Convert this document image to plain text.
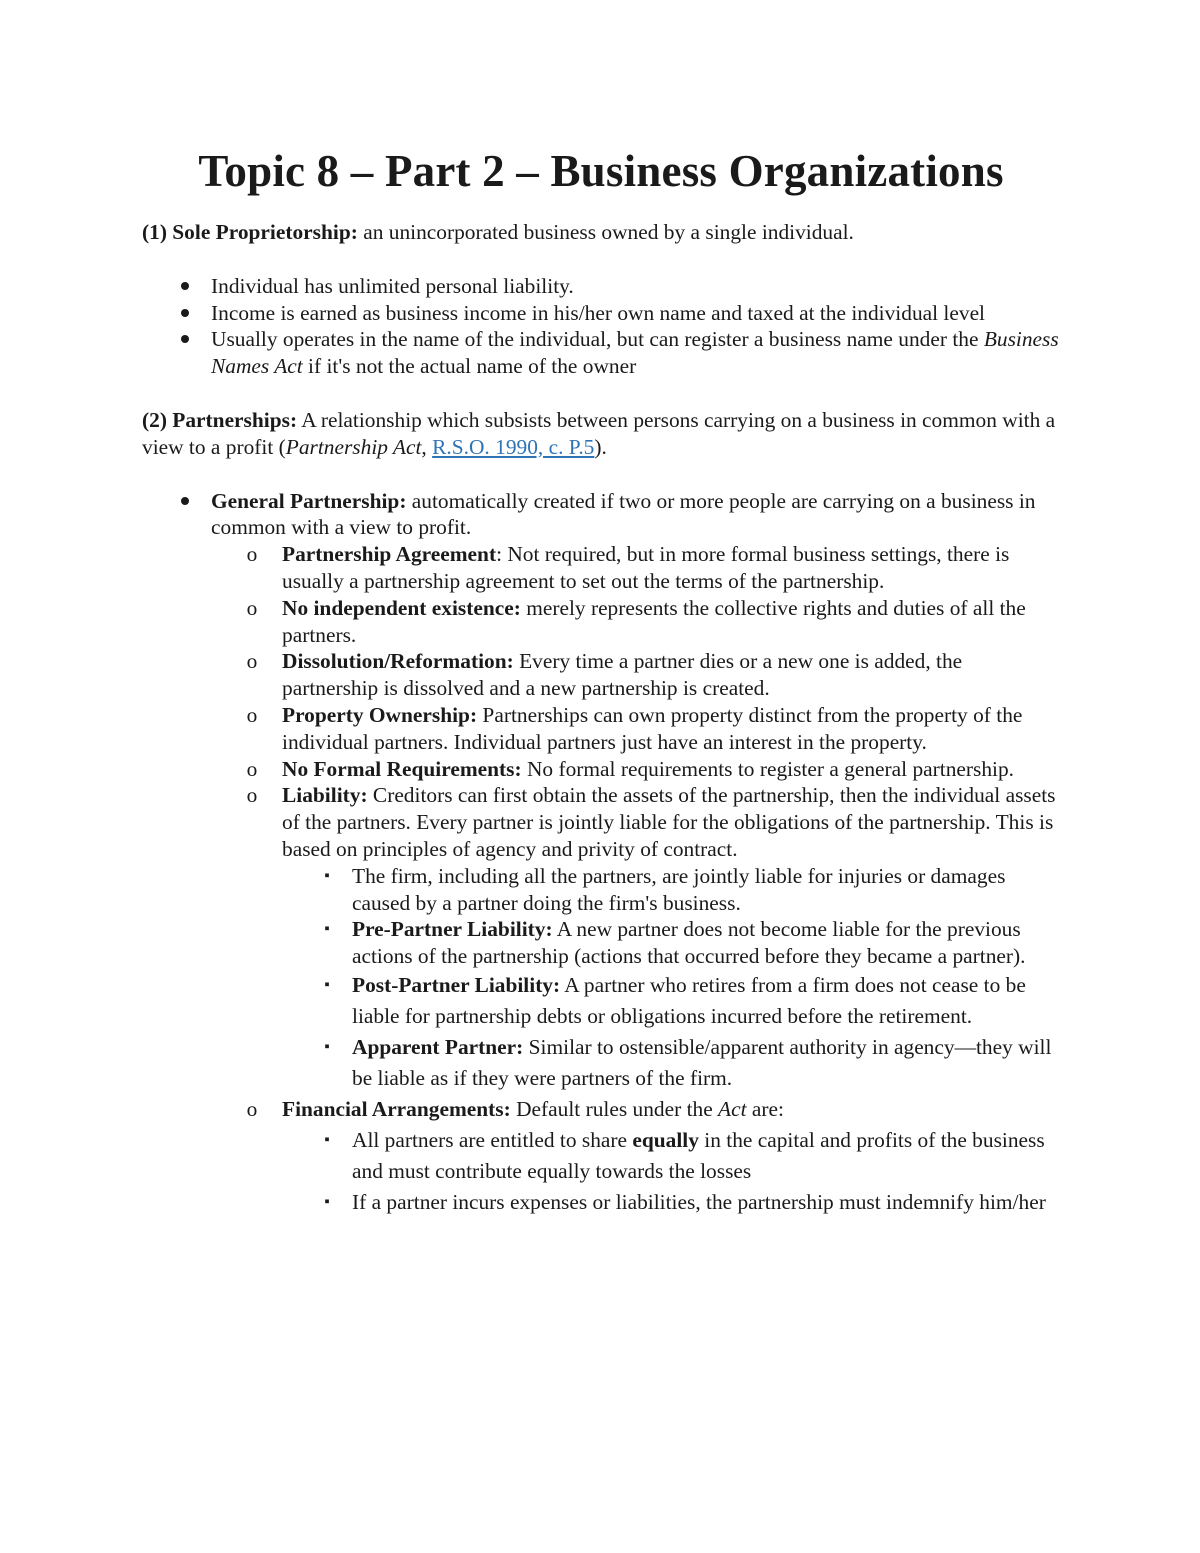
Topic 8 – Part 2 – Business Organizations

(1) Sole Proprietorship: an unincorporated business owned by a single individual.

Individual has unlimited personal liability.
Income is earned as business income in his/her own name and taxed at the individual level
Usually operates in the name of the individual, but can register a business name under the Business Names Act if it's not the actual name of the owner

(2) Partnerships: A relationship which subsists between persons carrying on a business in common with a view to a profit (Partnership Act, R.S.O. 1990, c. P.5).

General Partnership: automatically created if two or more people are carrying on a business in common with a view to profit.
o Partnership Agreement: Not required, but in more formal business settings, there is usually a partnership agreement to set out the terms of the partnership.
o No independent existence: merely represents the collective rights and duties of all the partners.
o Dissolution/Reformation: Every time a partner dies or a new one is added, the partnership is dissolved and a new partnership is created.
o Property Ownership: Partnerships can own property distinct from the property of the individual partners. Individual partners just have an interest in the property.
o No Formal Requirements: No formal requirements to register a general partnership.
o Liability: Creditors can first obtain the assets of the partnership, then the individual assets of the partners. Every partner is jointly liable for the obligations of the partnership. This is based on principles of agency and privity of contract.
▪ The firm, including all the partners, are jointly liable for injuries or damages caused by a partner doing the firm's business.
▪ Pre-Partner Liability: A new partner does not become liable for the previous actions of the partnership (actions that occurred before they became a partner).
▪ Post-Partner Liability: A partner who retires from a firm does not cease to be liable for partnership debts or obligations incurred before the retirement.
▪ Apparent Partner: Similar to ostensible/apparent authority in agency—they will be liable as if they were partners of the firm.
o Financial Arrangements: Default rules under the Act are:
▪ All partners are entitled to share equally in the capital and profits of the business and must contribute equally towards the losses
▪ If a partner incurs expenses or liabilities, the partnership must indemnify him/her
